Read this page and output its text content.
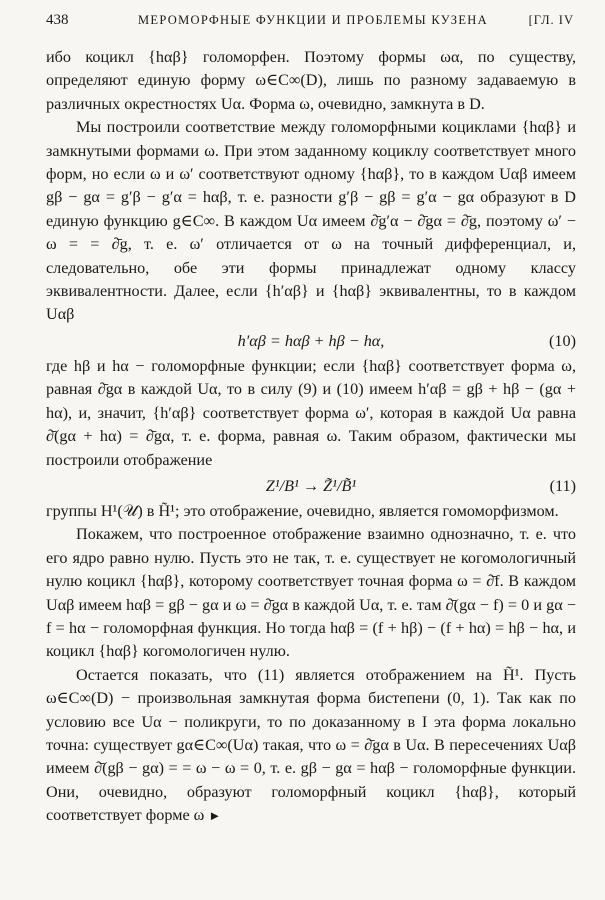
438	МЕРОМОРФНЫЕ ФУНКЦИИ И ПРОБЛЕМЫ КУЗЕНА	[ГЛ. IV

ибо коцикл {hαβ} голоморфен. Поэтому формы ωα, по существу, определяют единую форму ω∈C∞(D), лишь по разному задаваемую в различных окрестностях Uα. Форма ω, очевидно, замкнута в D.

Мы построили соответствие между голоморфными коциклами {hαβ} и замкнутыми формами ω. При этом заданному коциклу соответствует много форм, но если ω и ω′ соответствуют одному {hαβ}, то в каждом Uαβ имеем gβ − gα = g′β − g′α = hαβ, т. е. разности g′β − gβ = g′α − gα образуют в D единую функцию g∈C∞. В каждом Uα имеем ∂̄g′α − ∂̄gα = ∂̄g, поэтому ω′ − ω = = ∂̄g, т. е. ω′ отличается от ω на точный дифференциал, и, следовательно, обе эти формы принадлежат одному классу эквивалентности. Далее, если {h′αβ} и {hαβ} эквивалентны, то в каждом Uαβ

h′αβ = hαβ + hβ − hα,	(10)

где hβ и hα − голоморфные функции; если {hαβ} соответствует форма ω, равная ∂̄gα в каждой Uα, то в силу (9) и (10) имеем h′αβ = gβ + hβ − (gα + hα), и, значит, {h′αβ} соответствует форма ω′, которая в каждой Uα равна ∂̄(gα + hα) = ∂̄gα, т. е. форма, равная ω. Таким образом, фактически мы построили отображение

Z¹/B¹ → Z̃¹/B̃¹	(11)

группы H¹(𝒰) в H̃¹; это отображение, очевидно, является гомоморфизмом.

Покажем, что построенное отображение взаимно однозначно, т. е. что его ядро равно нулю. Пусть это не так, т. е. существует не когомологичный нулю коцикл {hαβ}, которому соответствует точная форма ω = ∂̄f. В каждом Uαβ имеем hαβ = gβ − gα и ω = ∂̄gα в каждой Uα, т. е. там ∂̄(gα − f) = 0 и gα − f = hα − голоморфная функция. Но тогда hαβ = (f + hβ) − (f + hα) = hβ − hα, и коцикл {hαβ} когомологичен нулю.

Остается показать, что (11) является отображением на H̃¹. Пусть ω∈C∞(D) − произвольная замкнутая форма бистепени (0, 1). Так как по условию все Uα − поликруги, то по доказанному в I эта форма локально точна: существует gα∈C∞(Uα) такая, что ω = ∂̄gα в Uα. В пересечениях Uαβ имеем ∂̄(gβ − gα) = = ω − ω = 0, т. е. gβ − gα = hαβ − голоморфные функции. Они, очевидно, образуют голоморфный коцикл {hαβ}, который соответствует форме ω ►
